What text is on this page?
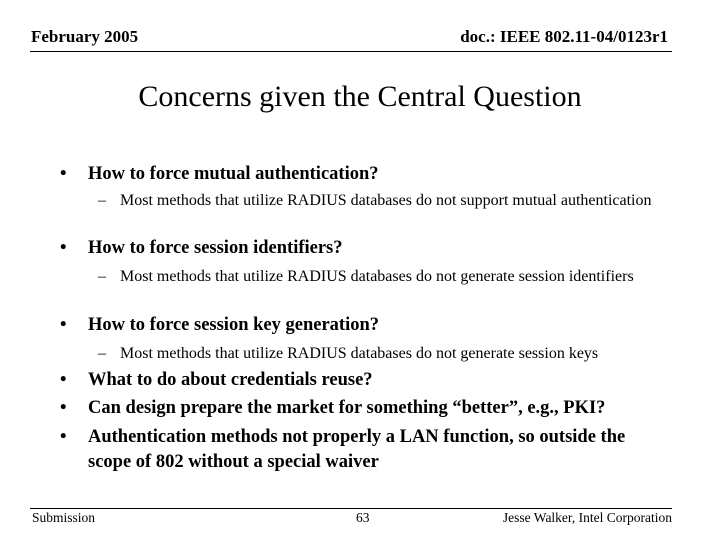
February 2005	doc.: IEEE 802.11-04/0123r1
Concerns given the Central Question
• How to force mutual authentication?
– Most methods that utilize RADIUS databases do not support mutual authentication
• How to force session identifiers?
– Most methods that utilize RADIUS databases do not generate session identifiers
• How to force session key generation?
– Most methods that utilize RADIUS databases do not generate session keys
• What to do about credentials reuse?
• Can design prepare the market for something “better”, e.g., PKI?
• Authentication methods not properly a LAN function, so outside the scope of 802 without a special waiver
Submission	63	Jesse Walker, Intel Corporation
